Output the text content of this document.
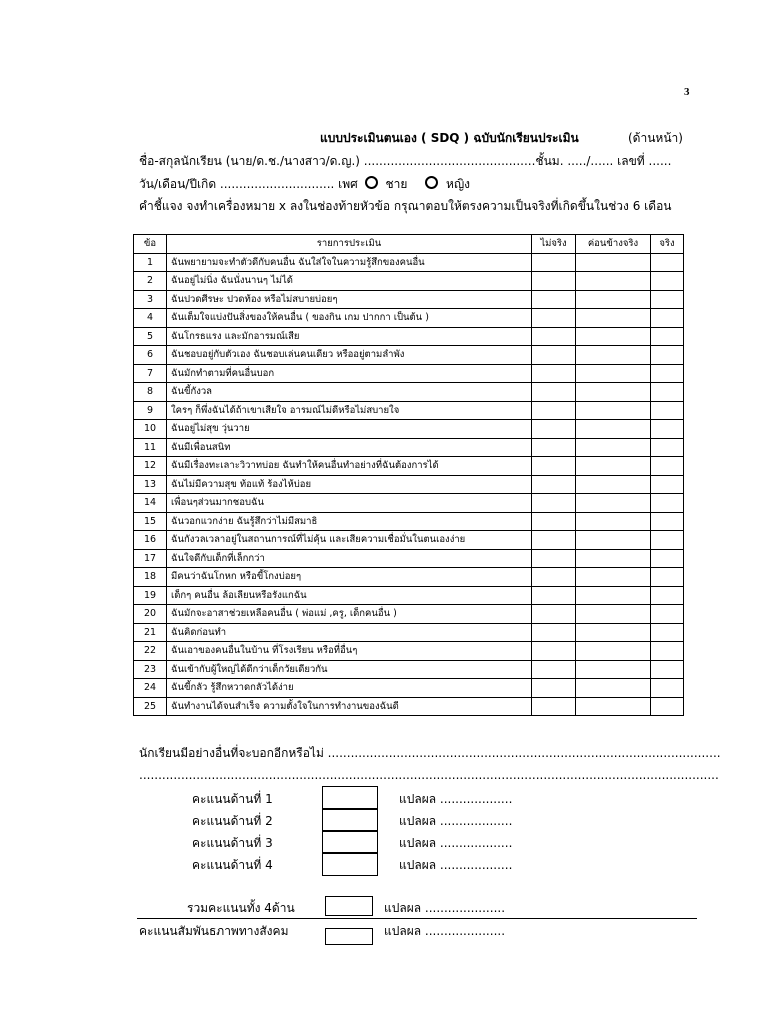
3
แบบประเมินตนเอง ( SDQ ) ฉบับนักเรียนประเมิน	(ด้านหน้า)
ชื่อ-สกุลนักเรียน (นาย/ด.ช./นางสาว/ด.ญ.) .............................................ชั้นม. ...../...... เลขที่ ......
วัน/เดือน/ปีเกิด .............................. เพศ ชาย	หญิง
คำชี้แจง จงทำเครื่องหมาย x ลงในช่องท้ายหัวข้อ กรุณาตอบให้ตรงความเป็นจริงที่เกิดขึ้นในช่วง 6 เดือน
ข้อ	รายการประเมิน	ไม่จริง	ค่อนข้างจริง	จริง
1	ฉันพยายามจะทำตัวดีกับคนอื่น ฉันใส่ใจในความรู้สึกของคนอื่น			
2	ฉันอยู่ไม่นิ่ง ฉันนั่งนานๆ ไม่ได้			
3	ฉันปวดศีรษะ ปวดท้อง หรือไม่สบายบ่อยๆ			
4	ฉันเต็มใจแบ่งปันสิ่งของให้คนอื่น ( ของกิน เกม ปากกา เป็นต้น )			
5	ฉันโกรธแรง และมักอารมณ์เสีย			
6	ฉันชอบอยู่กับตัวเอง ฉันชอบเล่นคนเดียว หรืออยู่ตามลำพัง			
7	ฉันมักทำตามที่คนอื่นบอก			
8	ฉันขี้กังวล			
9	ใครๆ ก็พึ่งฉันได้ถ้าเขาเสียใจ อารมณ์ไม่ดีหรือไม่สบายใจ			
10	ฉันอยู่ไม่สุข วุ่นวาย			
11	ฉันมีเพื่อนสนิท			
12	ฉันมีเรื่องทะเลาะวิวาทบ่อย ฉันทำให้คนอื่นทำอย่างที่ฉันต้องการได้			
13	ฉันไม่มีความสุข ท้อแท้ ร้องไห้บ่อย			
14	เพื่อนๆส่วนมากชอบฉัน			
15	ฉันวอกแวกง่าย ฉันรู้สึกว่าไม่มีสมาธิ			
16	ฉันกังวลเวลาอยู่ในสถานการณ์ที่ไม่คุ้น และเสียความเชื่อมั่นในตนเองง่าย			
17	ฉันใจดีกับเด็กที่เล็กกว่า			
18	มีคนว่าฉันโกหก หรือขี้โกงบ่อยๆ			
19	เด็กๆ คนอื่น ล้อเลียนหรือรังแกฉัน			
20	ฉันมักจะอาสาช่วยเหลือคนอื่น ( พ่อแม่ ,ครู, เด็กคนอื่น )			
21	ฉันคิดก่อนทำ			
22	ฉันเอาของคนอื่นในบ้าน ที่โรงเรียน หรือที่อื่นๆ			
23	ฉันเข้ากับผู้ใหญ่ได้ดีกว่าเด็กวัยเดียวกัน			
24	ฉันขี้กลัว รู้สึกหวาดกลัวได้ง่าย			
25	ฉันทำงานได้จนสำเร็จ ความตั้งใจในการทำงานของฉันดี			
นักเรียนมีอย่างอื่นที่จะบอกอีกหรือไม่ .......................................................................................................
........................................................................................................................................................
คะแนนด้านที่ 1	แปลผล ...................
คะแนนด้านที่ 2	แปลผล ...................
คะแนนด้านที่ 3	แปลผล ...................
คะแนนด้านที่ 4	แปลผล ...................
รวมคะแนนทั้ง 4ด้าน	แปลผล .....................
คะแนนสัมพันธภาพทางสังคม	แปลผล .....................
